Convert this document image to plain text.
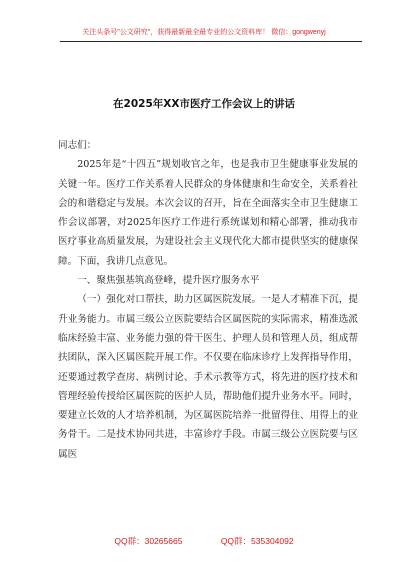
关注头条号"公文研究"，获得最新最全最专业的公文资料库！ 微信：gongwenyj
在2025年XX市医疗工作会议上的讲话

同志们：

2025年是“十四五”规划收官之年，也是我市卫生健康事业发展的关键一年。医疗工作关系着人民群众的身体健康和生命安全，关系着社会的和谐稳定与发展。本次会议的召开，旨在全面落实全市卫生健康工作会议部署，对2025年医疗工作进行系统谋划和精心部署，推动我市医疗事业高质量发展，为建设社会主义现代化大都市提供坚实的健康保障。下面，我讲几点意见。

一、聚焦强基筑高登峰，提升医疗服务水平

（一）强化对口帮扶，助力区属医院发展。一是人才精准下沉，提升业务能力。市属三级公立医院要结合区属医院的实际需求，精准选派临床经验丰富、业务能力强的骨干医生、护理人员和管理人员，组成帮扶团队，深入区属医院开展工作。不仅要在临床诊疗上发挥指导作用，还要通过教学查房、病例讨论、手术示教等方式，将先进的医疗技术和管理经验传授给区属医院的医护人员，帮助他们提升业务水平。同时，要建立长效的人才培养机制，为区属医院培养一批留得住、用得上的业务骨干。二是技术协同共进，丰富诊疗手段。市属三级公立医院要与区属医

QQ群：30265665	QQ群：535304092
